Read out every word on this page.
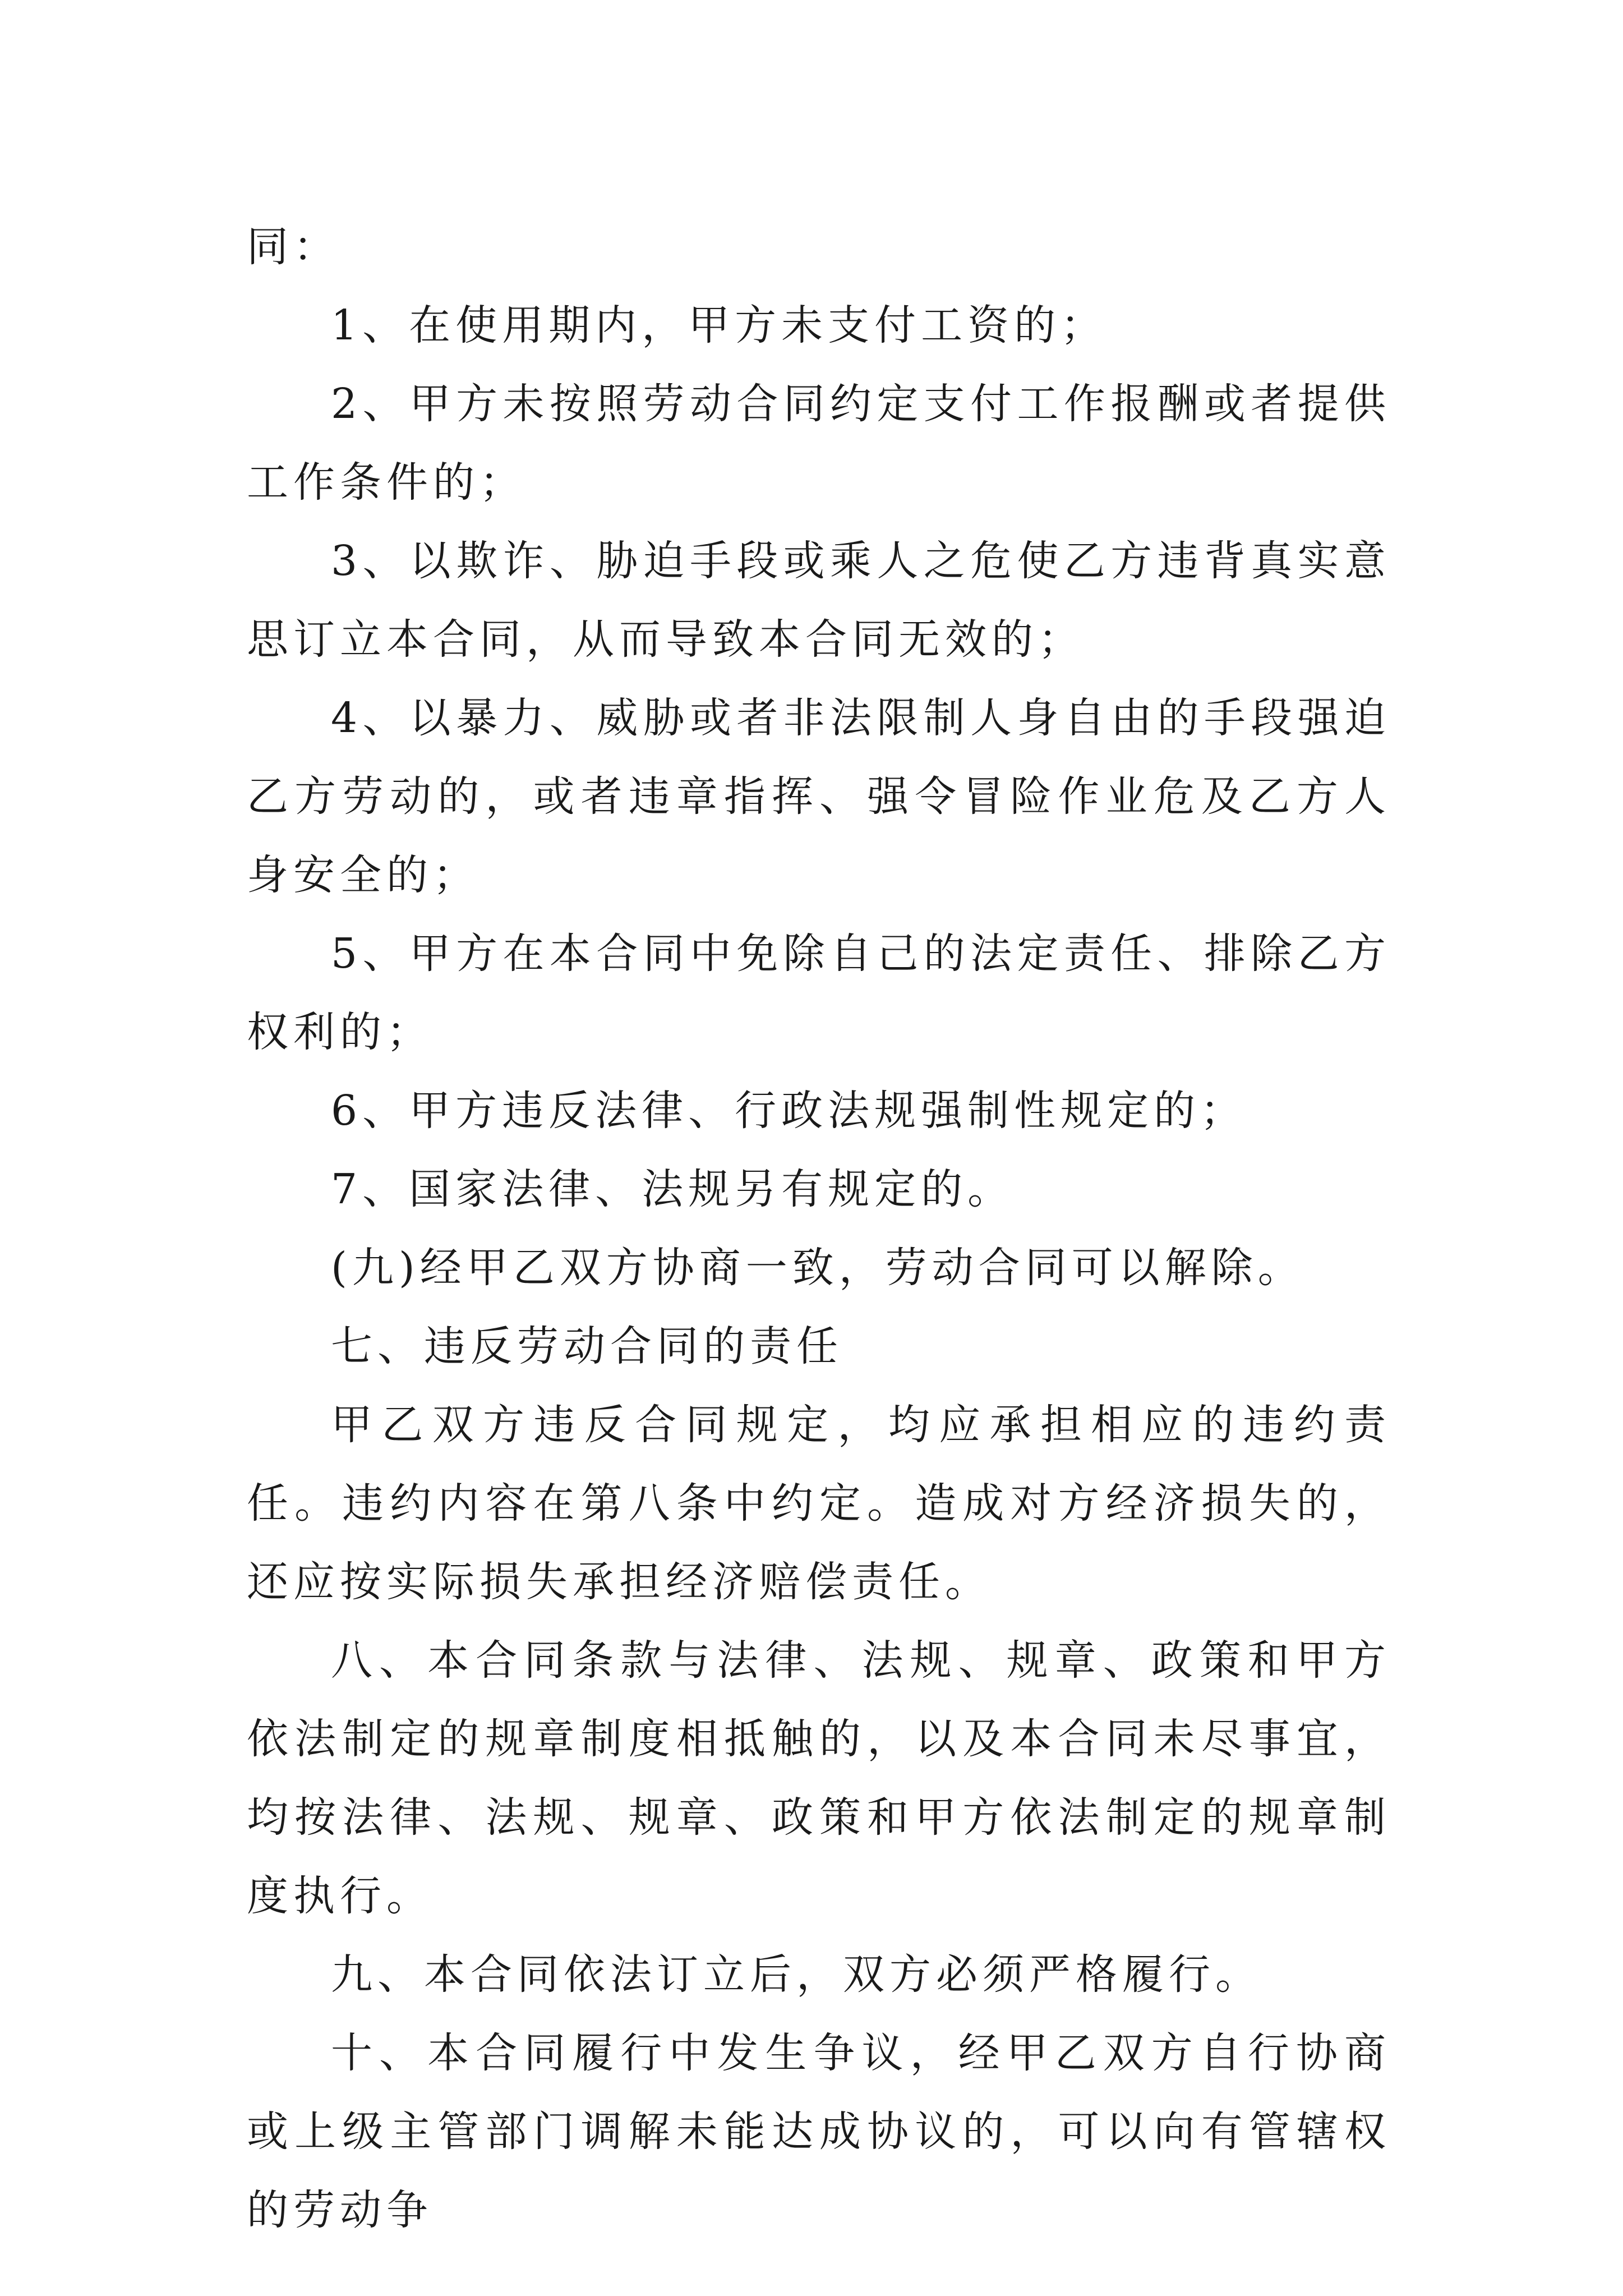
同：

1、在使用期内，甲方未支付工资的；

2、甲方未按照劳动合同约定支付工作报酬或者提供工作条件的；

3、以欺诈、胁迫手段或乘人之危使乙方违背真实意思订立本合同，从而导致本合同无效的；

4、以暴力、威胁或者非法限制人身自由的手段强迫乙方劳动的，或者违章指挥、强令冒险作业危及乙方人身安全的；

5、甲方在本合同中免除自己的法定责任、排除乙方权利的；

6、甲方违反法律、行政法规强制性规定的；

7、国家法律、法规另有规定的。

(九)经甲乙双方协商一致，劳动合同可以解除。

七、违反劳动合同的责任

甲乙双方违反合同规定，均应承担相应的违约责任。违约内容在第八条中约定。造成对方经济损失的，还应按实际损失承担经济赔偿责任。

八、本合同条款与法律、法规、规章、政策和甲方依法制定的规章制度相抵触的，以及本合同未尽事宜，均按法律、法规、规章、政策和甲方依法制定的规章制度执行。

九、本合同依法订立后，双方必须严格履行。

十、本合同履行中发生争议，经甲乙双方自行协商或上级主管部门调解未能达成协议的，可以向有管辖权的劳动争
